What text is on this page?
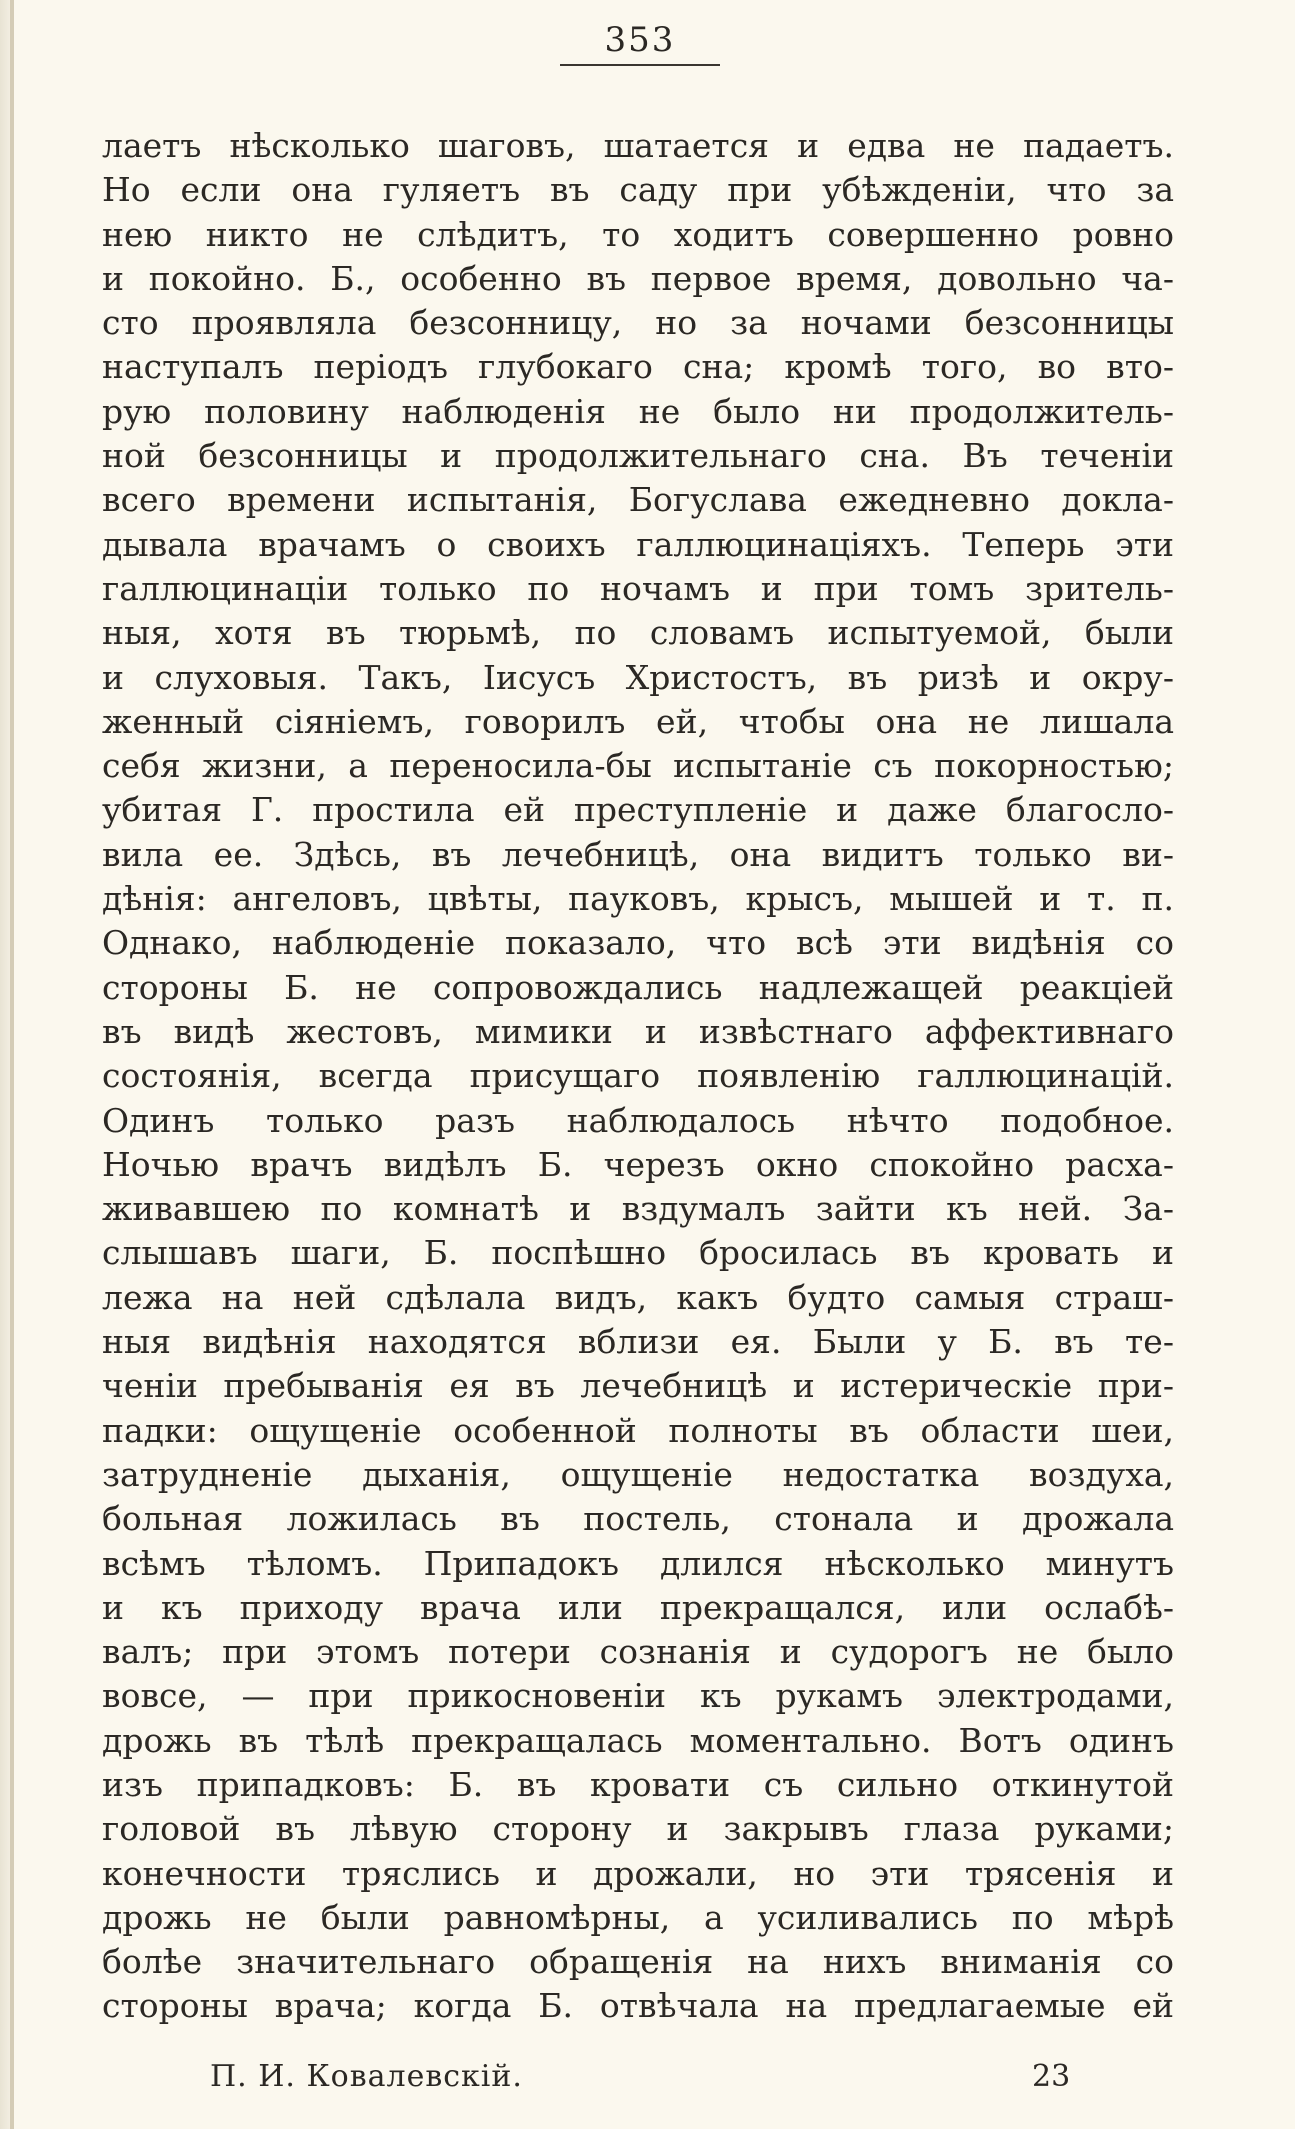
353
лаетъ нѣсколько шаговъ, шатается и едва не падаетъ.
Но если она гуляетъ въ саду при убѣжденіи, что за
нею никто не слѣдитъ, то ходитъ совершенно ровно
и покойно. Б., особенно въ первое время, довольно ча-
сто проявляла безсонницу, но за ночами безсонницы
наступалъ періодъ глубокаго сна; кромѣ того, во вто-
рую половину наблюденія не было ни продолжитель-
ной безсонницы и продолжительнаго сна. Въ теченіи
всего времени испытанія, Богуслава ежедневно докла-
дывала врачамъ о своихъ галлюцинаціяхъ. Теперь эти
галлюцинаціи только по ночамъ и при томъ зритель-
ныя, хотя въ тюрьмѣ, по словамъ испытуемой, были
и слуховыя. Такъ, Іисусъ Христостъ, въ ризѣ и окру-
женный сіяніемъ, говорилъ ей, чтобы она не лишала
себя жизни, а переносила-бы испытаніе съ покорностью;
убитая Г. простила ей преступленіе и даже благосло-
вила ее. Здѣсь, въ лечебницѣ, она видитъ только ви-
дѣнія: ангеловъ, цвѣты, пауковъ, крысъ, мышей и т. п.
Однако, наблюденіе показало, что всѣ эти видѣнія со
стороны Б. не сопровождались надлежащей реакціей
въ видѣ жестовъ, мимики и извѣстнаго аффективнаго
состоянія, всегда присущаго появленію галлюцинацій.
Одинъ только разъ наблюдалось нѣчто подобное.
Ночью врачъ видѣлъ Б. черезъ окно спокойно расха-
живавшею по комнатѣ и вздумалъ зайти къ ней. За-
слышавъ шаги, Б. поспѣшно бросилась въ кровать и
лежа на ней сдѣлала видъ, какъ будто самыя страш-
ныя видѣнія находятся вблизи ея. Были у Б. въ те-
ченіи пребыванія ея въ лечебницѣ и истерическіе при-
падки: ощущеніе особенной полноты въ области шеи,
затрудненіе дыханія, ощущеніе недостатка воздуха,
больная ложилась въ постель, стонала и дрожала
всѣмъ тѣломъ. Припадокъ длился нѣсколько минутъ
и къ приходу врача или прекращался, или ослабѣ-
валъ; при этомъ потери сознанія и судорогъ не было
вовсе, — при прикосновеніи къ рукамъ электродами,
дрожь въ тѣлѣ прекращалась моментально. Вотъ одинъ
изъ припадковъ: Б. въ кровати съ сильно откинутой
головой въ лѣвую сторону и закрывъ глаза руками;
конечности тряслись и дрожали, но эти трясенія и
дрожь не были равномѣрны, а усиливались по мѣрѣ
болѣе значительнаго обращенія на нихъ вниманія со
стороны врача; когда Б. отвѣчала на предлагаемые ей
П. И. Ковалевскій.	23
